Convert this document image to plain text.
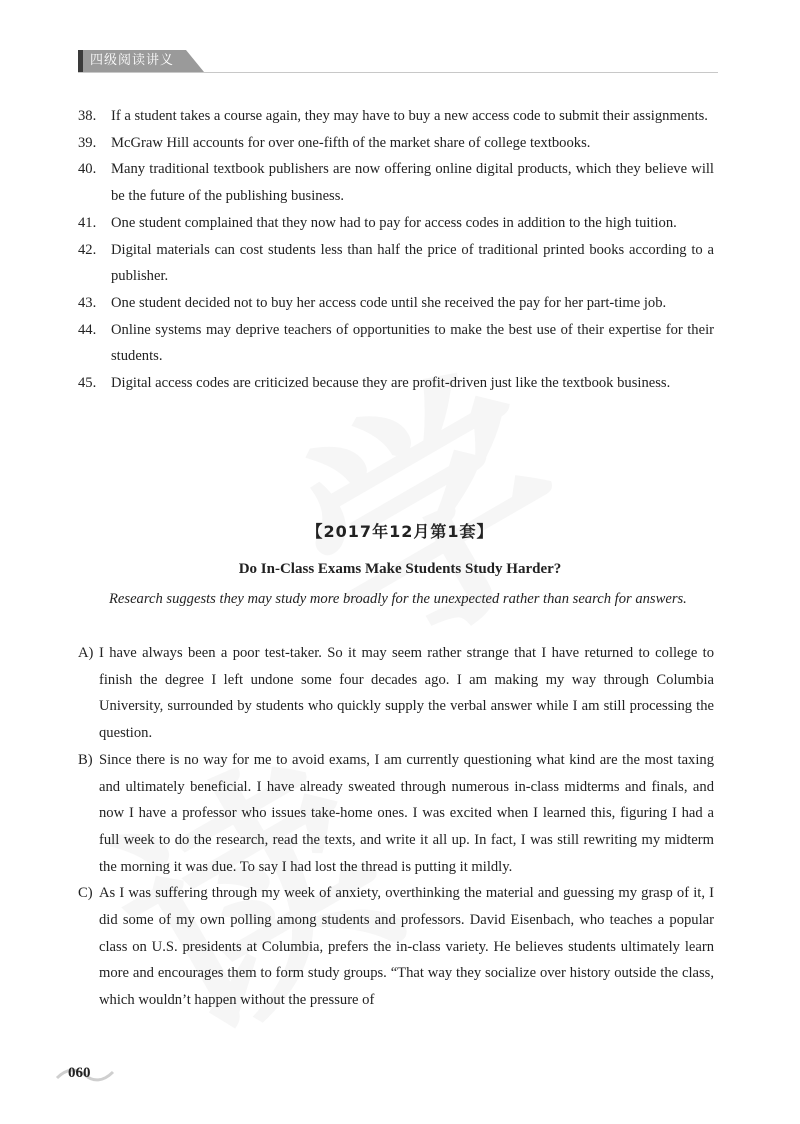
四级阅读讲义
38. If a student takes a course again, they may have to buy a new access code to submit their assignments.
39. McGraw Hill accounts for over one-fifth of the market share of college textbooks.
40. Many traditional textbook publishers are now offering online digital products, which they believe will be the future of the publishing business.
41. One student complained that they now had to pay for access codes in addition to the high tuition.
42. Digital materials can cost students less than half the price of traditional printed books according to a publisher.
43. One student decided not to buy her access code until she received the pay for her part-time job.
44. Online systems may deprive teachers of opportunities to make the best use of their expertise for their students.
45. Digital access codes are criticized because they are profit-driven just like the textbook business.
【2017年12月第1套】
Do In-Class Exams Make Students Study Harder?
Research suggests they may study more broadly for the unexpected rather than search for answers.
A) I have always been a poor test-taker. So it may seem rather strange that I have returned to college to finish the degree I left undone some four decades ago. I am making my way through Columbia University, surrounded by students who quickly supply the verbal answer while I am still processing the question.
B) Since there is no way for me to avoid exams, I am currently questioning what kind are the most taxing and ultimately beneficial. I have already sweated through numerous in-class midterms and finals, and now I have a professor who issues take-home ones. I was excited when I learned this, figuring I had a full week to do the research, read the texts, and write it all up. In fact, I was still rewriting my midterm the morning it was due. To say I had lost the thread is putting it mildly.
C) As I was suffering through my week of anxiety, overthinking the material and guessing my grasp of it, I did some of my own polling among students and professors. David Eisenbach, who teaches a popular class on U.S. presidents at Columbia, prefers the in-class variety. He believes students ultimately learn more and encourages them to form study groups. “That way they socialize over history outside the class, which wouldn’t happen without the pressure of
060
